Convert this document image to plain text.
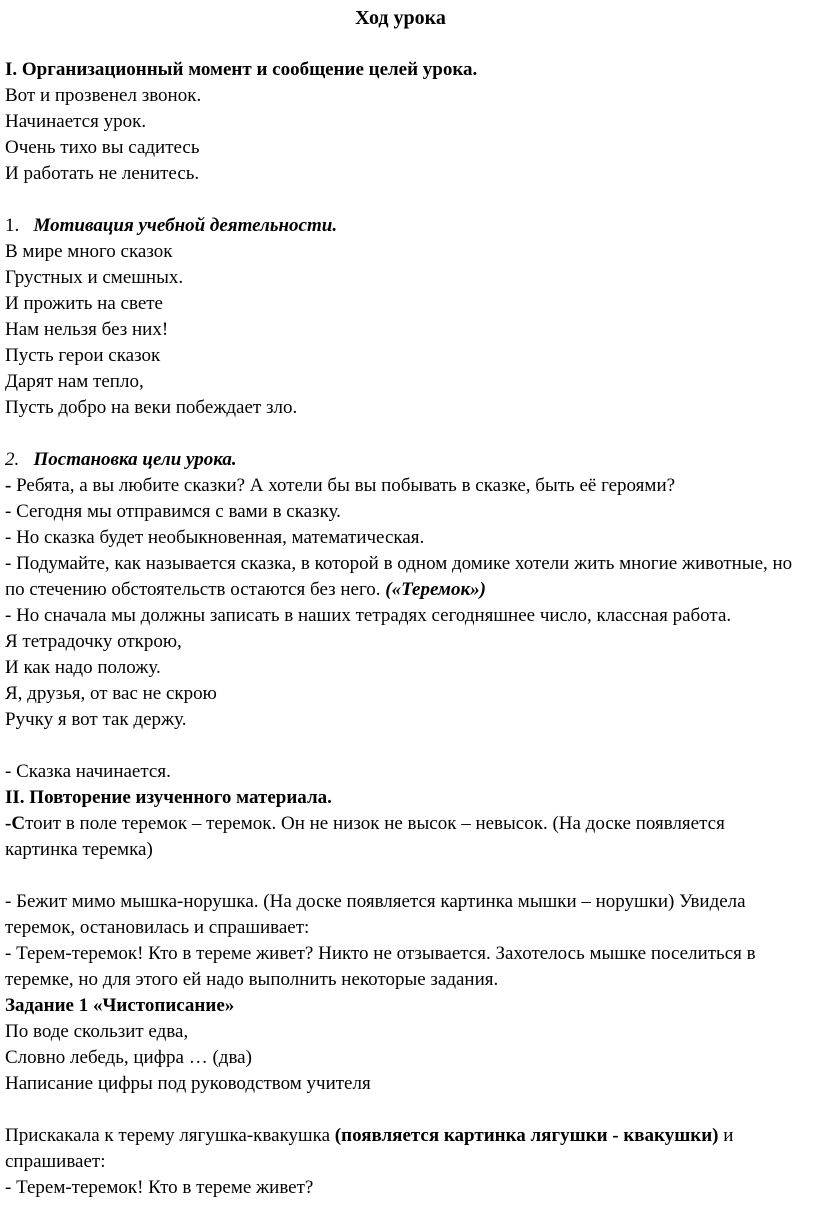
Ход урока

I. Организационный момент и сообщение целей урока.

Вот и прозвенел звонок.

Начинается урок.

Очень тихо вы садитесь

И работать не ленитесь.

1.   Мотивация учебной деятельности.

В мире много сказок

Грустных и смешных.

И прожить на свете

Нам нельзя без них!

Пусть герои сказок

Дарят нам тепло,

Пусть добро на веки побеждает зло.

2.   Постановка цели урока.

- Ребята, а вы любите сказки? А хотели бы вы побывать в сказке, быть её героями?

- Сегодня мы отправимся с вами в сказку.

- Но сказка будет необыкновенная, математическая.

- Подумайте, как называется сказка, в которой в одном домике хотели жить многие животные, но по стечению обстоятельств остаются без него. («Теремок»)

- Но сначала мы должны записать в наших тетрадях сегодняшнее число, классная работа.

Я тетрадочку открою,

И как надо положу.

Я, друзья, от вас не скрою

Ручку я вот так держу.

- Сказка начинается.

II. Повторение изученного материала.

-Стоит в поле теремок – теремок. Он не низок не высок – невысок. (На доске появляется картинка теремка)

- Бежит мимо мышка-норушка. (На доске появляется картинка мышки – норушки) Увидела теремок, остановилась и спрашивает:

- Терем-теремок! Кто в тереме живет? Никто не отзывается. Захотелось мышке поселиться в теремке, но для этого ей надо выполнить некоторые задания.

Задание 1 «Чистописание»

По воде скользит едва,

Словно лебедь, цифра … (два)

Написание цифры под руководством учителя

Прискакала к терему лягушка-квакушка (появляется картинка лягушки - квакушки) и спрашивает:

- Терем-теремок! Кто в тереме живет?
